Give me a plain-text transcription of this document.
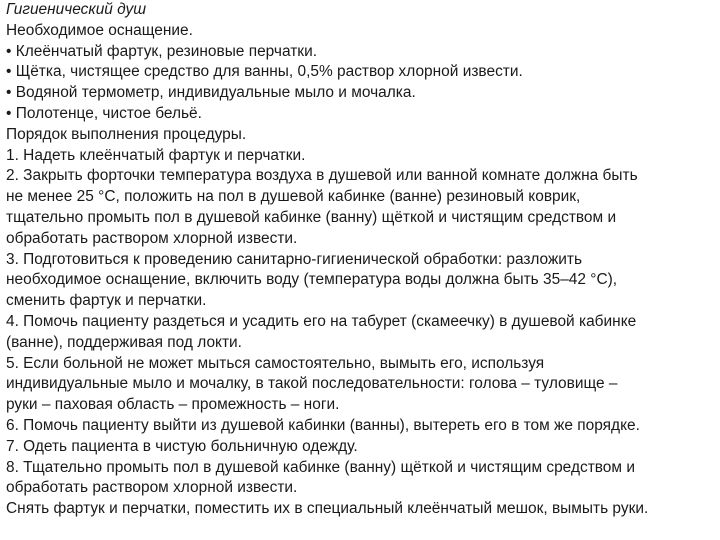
Гигиенический душ
Необходимое оснащение.
• Клеёнчатый фартук, резиновые перчатки.
• Щётка, чистящее средство для ванны, 0,5% раствор хлорной извести.
• Водяной термометр, индивидуальные мыло и мочалка.
• Полотенце, чистое бельё.
Порядок выполнения процедуры.
1. Надеть клеёнчатый фартук и перчатки.
2. Закрыть форточки температура воздуха в душевой или ванной комнате должна быть
не менее 25 °С, положить на пол в душевой кабинке (ванне) резиновый коврик,
тщательно промыть пол в душевой кабинке (ванну) щёткой и чистящим средством и
обработать раствором хлорной извести.
3. Подготовиться к проведению санитарно-гигиенической обработки: разложить
необходимое оснащение, включить воду (температура воды должна быть 35–42 °С),
сменить фартук и перчатки.
4. Помочь пациенту раздеться и усадить его на табурет (скамеечку) в душевой кабинке
(ванне), поддерживая под локти.
5. Если больной не может мыться самостоятельно, вымыть его, используя
индивидуальные мыло и мочалку, в такой последовательности: голова – туловище –
руки – паховая область – промежность – ноги.
6. Помочь пациенту выйти из душевой кабинки (ванны), вытереть его в том же порядке.
7. Одеть пациента в чистую больничную одежду.
8. Тщательно промыть пол в душевой кабинке (ванну) щёткой и чистящим средством и
обработать раствором хлорной извести.
Снять фартук и перчатки, поместить их в специальный клеёнчатый мешок, вымыть руки.
